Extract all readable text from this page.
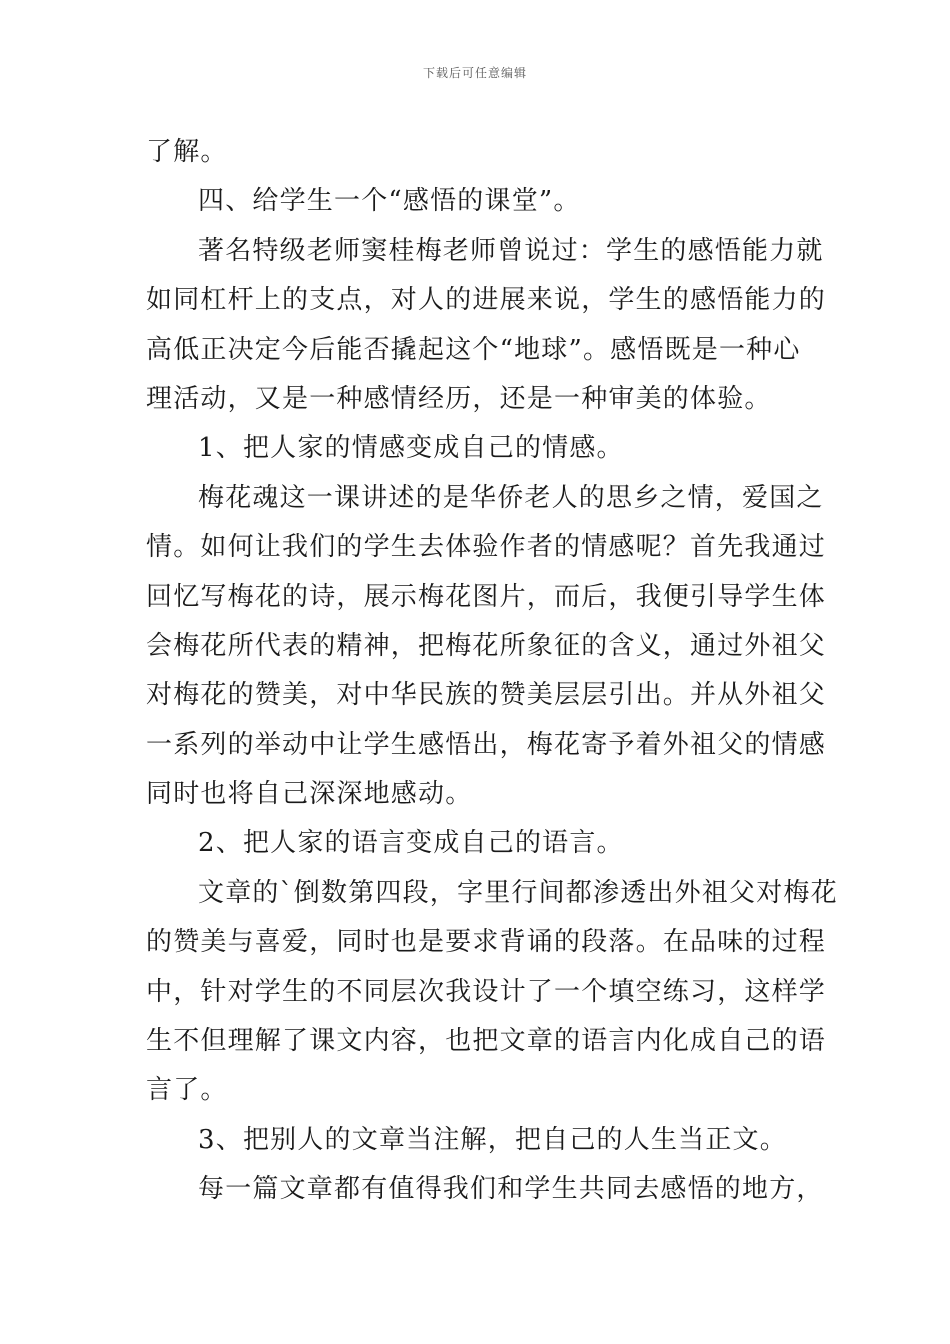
下载后可任意编辑
了解。
四、给学生一个“感悟的课堂”。
著名特级老师窦桂梅老师曾说过：学生的感悟能力就
如同杠杆上的支点，对人的进展来说，学生的感悟能力的
高低正决定今后能否撬起这个“地球”。感悟既是一种心
理活动，又是一种感情经历，还是一种审美的体验。
1、把人家的情感变成自己的情感。
梅花魂这一课讲述的是华侨老人的思乡之情，爱国之
情。如何让我们的学生去体验作者的情感呢？首先我通过
回忆写梅花的诗，展示梅花图片，而后，我便引导学生体
会梅花所代表的精神，把梅花所象征的含义，通过外祖父
对梅花的赞美，对中华民族的赞美层层引出。并从外祖父
一系列的举动中让学生感悟出，梅花寄予着外祖父的情感
同时也将自己深深地感动。
2、把人家的语言变成自己的语言。
文章的`倒数第四段，字里行间都渗透出外祖父对梅花
的赞美与喜爱，同时也是要求背诵的段落。在品味的过程
中，针对学生的不同层次我设计了一个填空练习，这样学
生不但理解了课文内容，也把文章的语言内化成自己的语
言了。
3、把别人的文章当注解，把自己的人生当正文。
每一篇文章都有值得我们和学生共同去感悟的地方，
